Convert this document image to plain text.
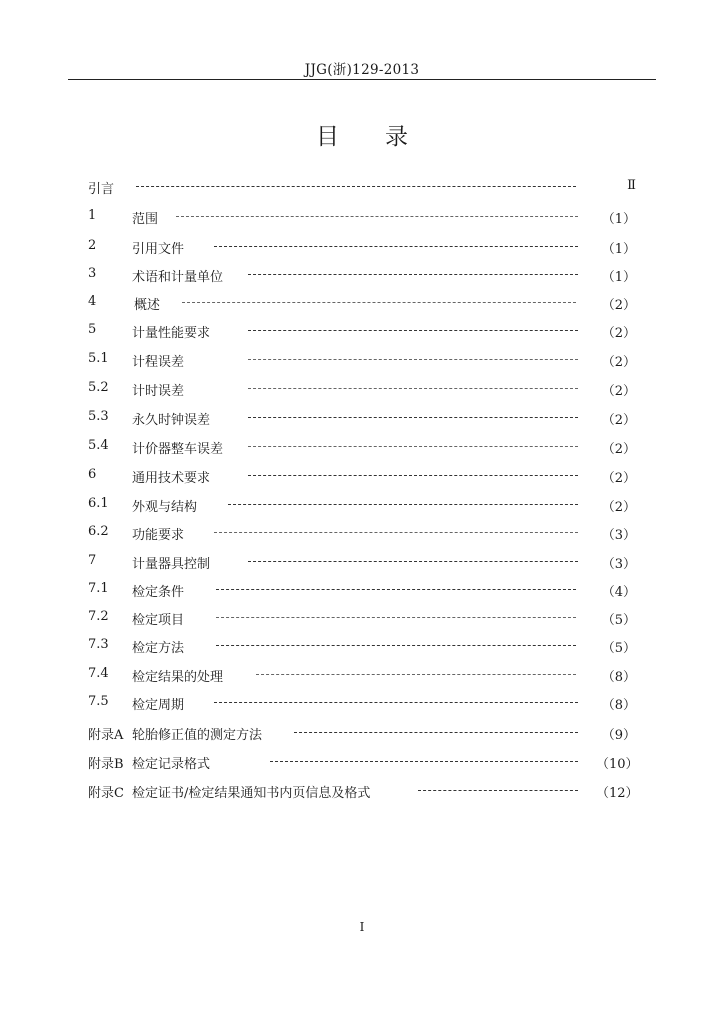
JJG(浙)129-2013
目 录
引言	Ⅱ
1	范围	（1）
2	引用文件	（1）
3	术语和计量单位	（1）
4	概述	（2）
5	计量性能要求	（2）
5.1 计程误差	（2）
5.2 计时误差	（2）
5.3 永久时钟误差	（2）
5.4 计价器整车误差	（2）
6	通用技术要求	（2）
6.1 外观与结构	（2）
6.2 功能要求	（3）
7	计量器具控制	（3）
7.1 检定条件	（4）
7.2 检定项目	（5）
7.3 检定方法	（5）
7.4 检定结果的处理	（8）
7.5 检定周期	（8）
附录A 轮胎修正值的测定方法	（9）
附录B 检定记录格式	（10）
附录C 检定证书/检定结果通知书内页信息及格式	（12）
I
